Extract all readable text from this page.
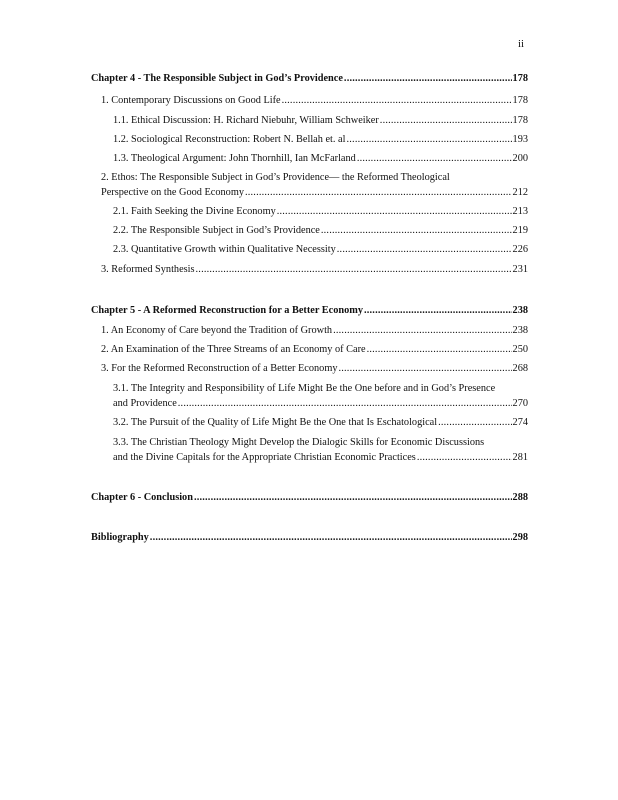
ii
Chapter 4 - The Responsible Subject in God’s Providence .....	178
1. Contemporary Discussions on Good Life .....	178
1.1. Ethical Discussion: H. Richard Niebuhr, William Schweiker .....	178
1.2. Sociological Reconstruction: Robert N. Bellah et. al .....	193
1.3. Theological Argument: John Thornhill, Ian McFarland .....	200
2. Ethos: The Responsible Subject in God’s Providence— the Reformed Theological
Perspective on the Good Economy .....	212
2.1. Faith Seeking the Divine Economy .....	213
2.2. The Responsible Subject in God’s Providence .....	219
2.3. Quantitative Growth within Qualitative Necessity .....	226
3. Reformed Synthesis .....	231
Chapter 5 - A Reformed Reconstruction for a Better Economy .....	238
1. An Economy of Care beyond the Tradition of Growth .....	238
2. An Examination of the Three Streams of an Economy of Care .....	250
3. For the Reformed Reconstruction of a Better Economy .....	268
3.1. The Integrity and Responsibility of Life Might Be the One before and in God’s Presence
and Providence .....	270
3.2. The Pursuit of the Quality of Life Might Be the One that Is Eschatological .....	274
3.3. The Christian Theology Might Develop the Dialogic Skills for Economic Discussions
and the Divine Capitals for the Appropriate Christian Economic Practices .....	281
Chapter 6 - Conclusion .....	288
Bibliography .....	298
